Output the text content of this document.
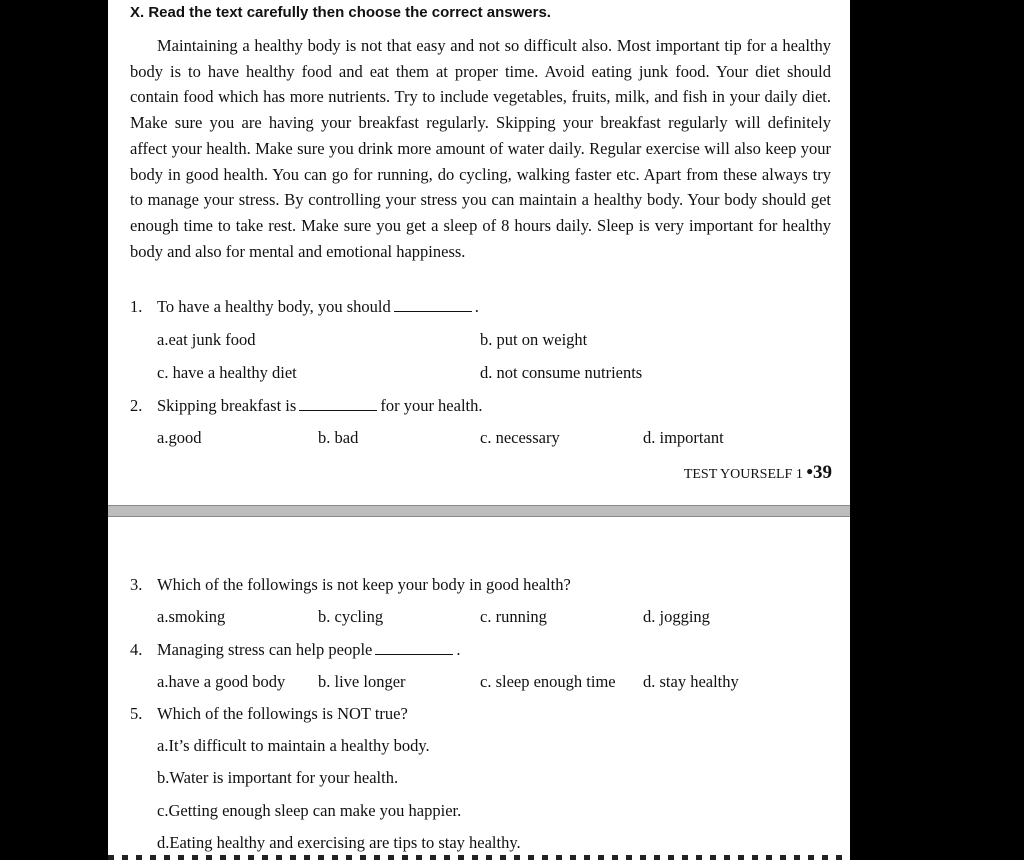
X. Read the text carefully then choose the correct answers.
Maintaining a healthy body is not that easy and not so difficult also. Most important tip for a healthy body is to have healthy food and eat them at proper time. Avoid eating junk food. Your diet should contain food which has more nutrients. Try to include vegetables, fruits, milk, and fish in your daily diet. Make sure you are having your breakfast regularly. Skipping your breakfast regularly will definitely affect your health. Make sure you drink more amount of water daily. Regular exercise will also keep your body in good health. You can go for running, do cycling, walking faster etc. Apart from these always try to manage your stress. By controlling your stress you can maintain a healthy body. Your body should get enough time to take rest. Make sure you get a sleep of 8 hours daily. Sleep is very important for healthy body and also for mental and emotional happiness.
1. To have a healthy body, you should	.
a.eat junk food	b. put on weight
c. have a healthy diet	d. not consume nutrients
2. Skipping breakfast is	for your health.
a.good	b. bad	c. necessary	d. important
TEST YOURSELF 1 •39
3. Which of the followings is not keep your body in good health?
a.smoking	b. cycling	c. running	d. jogging
4. Managing stress can help people	.
a.have a good body b. live longer	c. sleep enough time d. stay healthy
5. Which of the followings is NOT true?
a.It’s difficult to maintain a healthy body.
b.Water is important for your health.
c.Getting enough sleep can make you happier.
d.Eating healthy and exercising are tips to stay healthy.
